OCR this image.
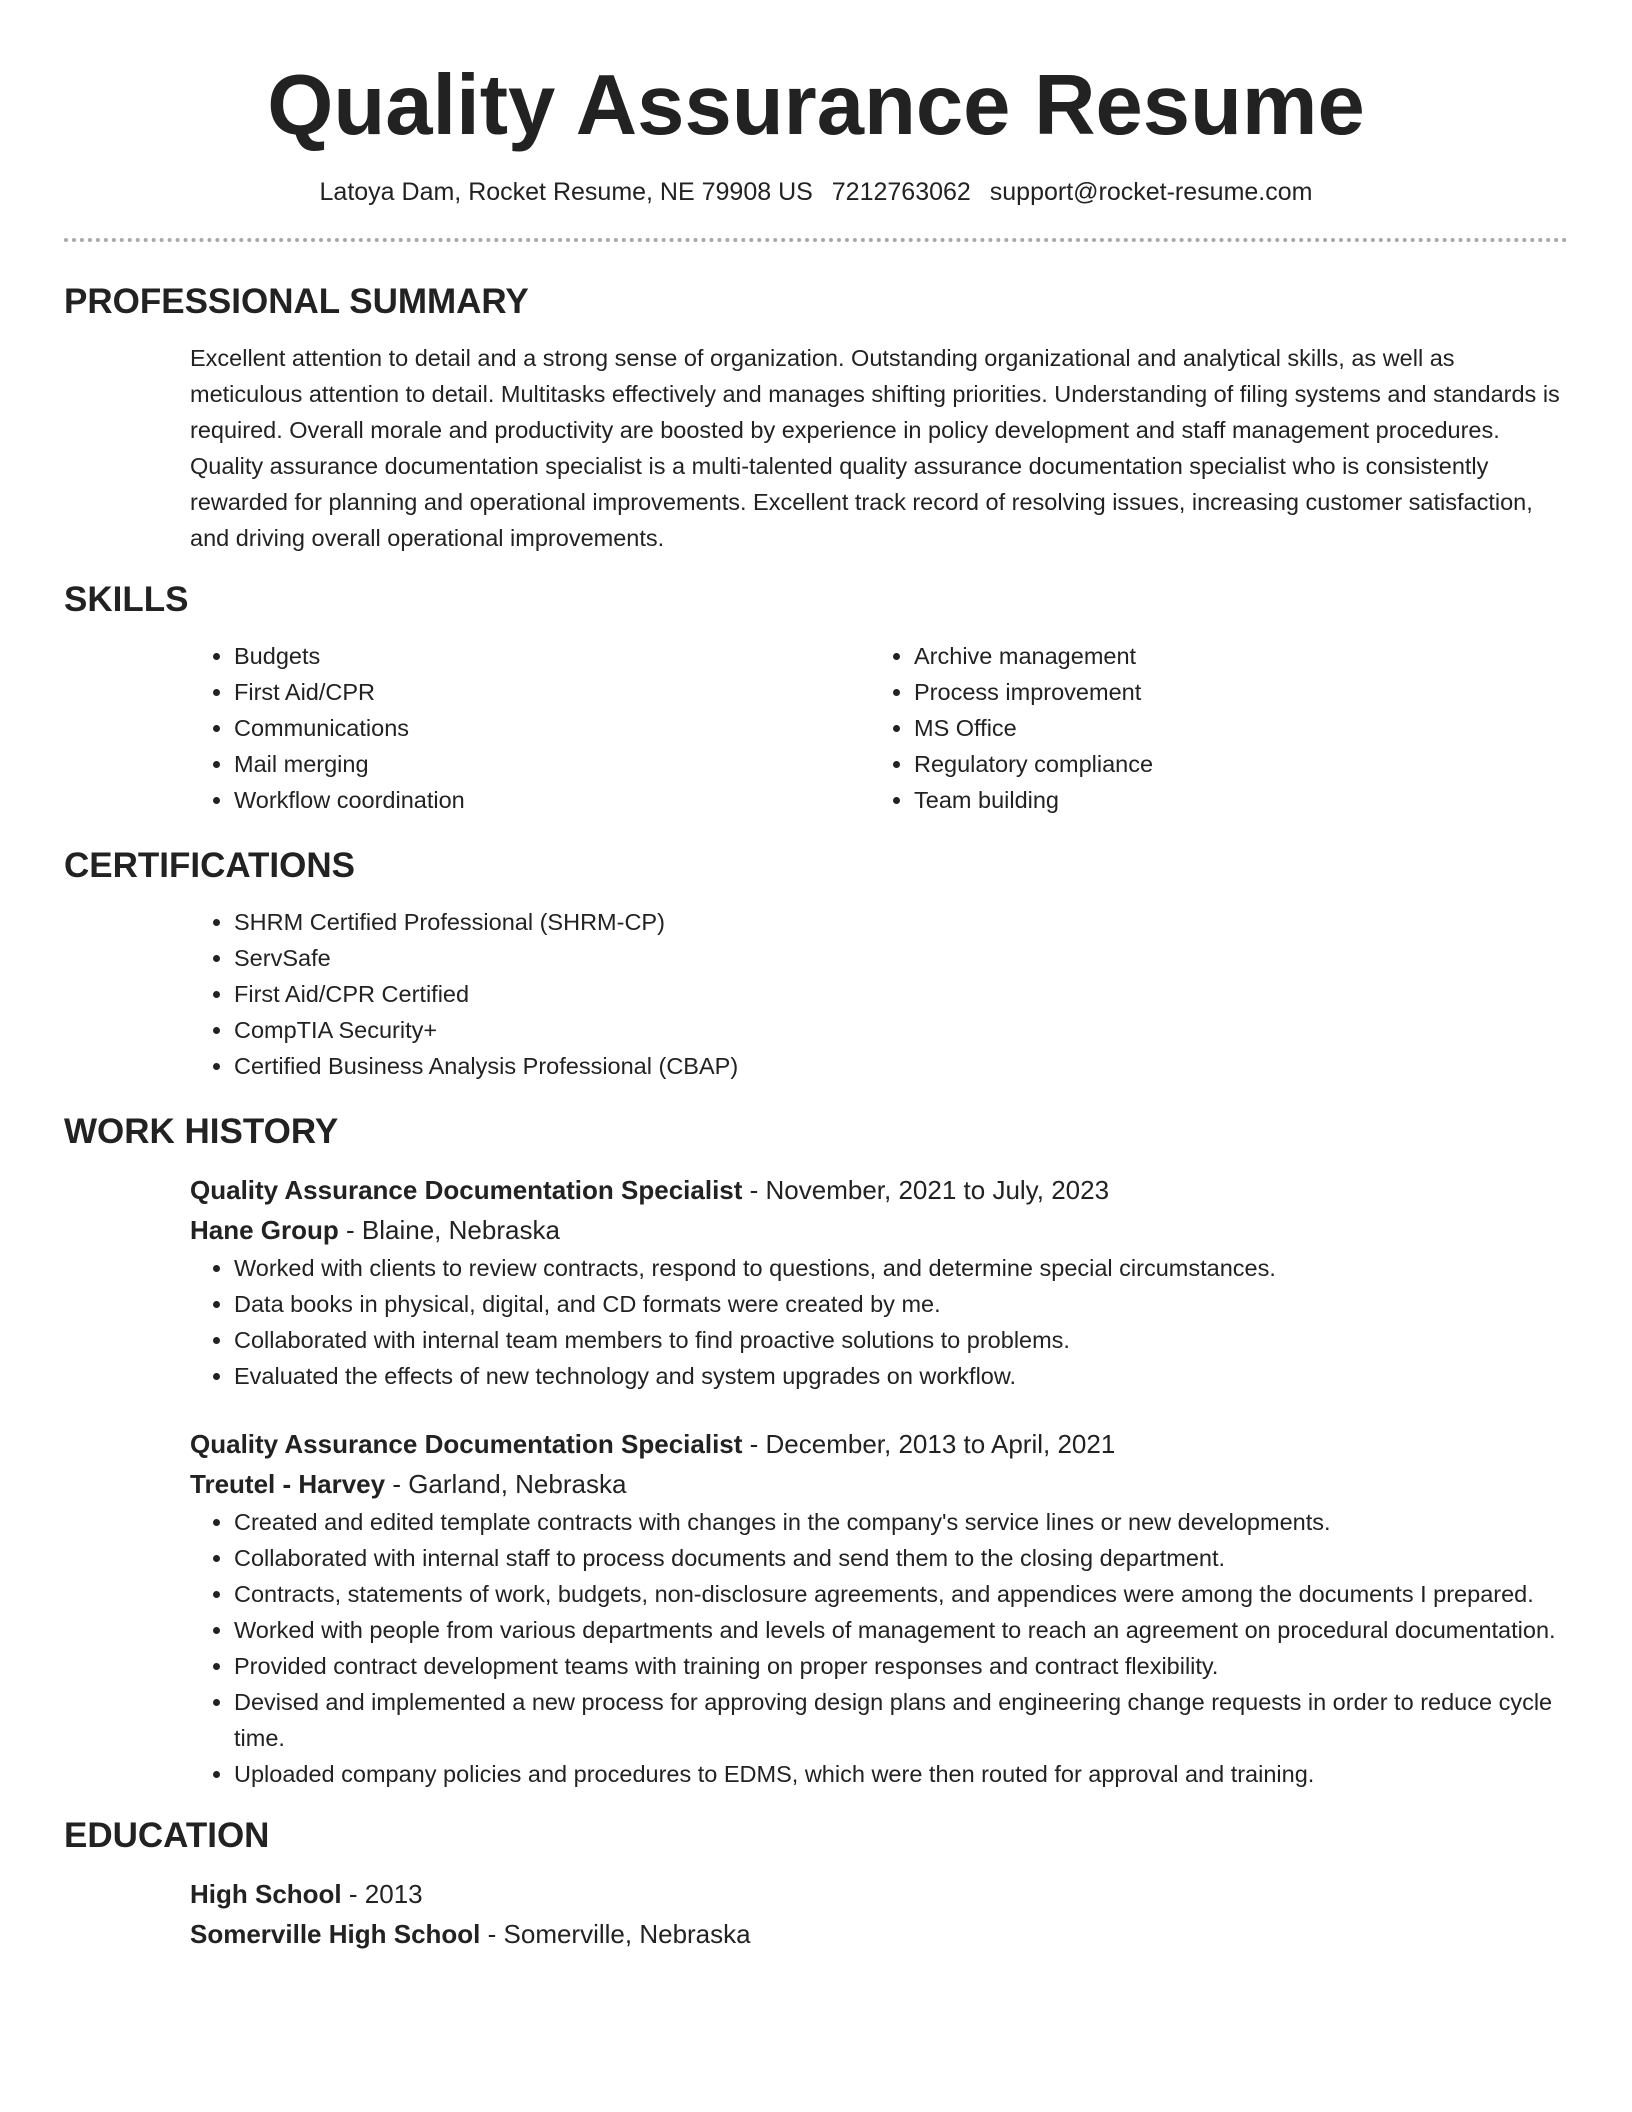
Quality Assurance Resume
Latoya Dam, Rocket Resume, NE 79908 US 7212763062 support@rocket-resume.com
PROFESSIONAL SUMMARY

Excellent attention to detail and a strong sense of organization. Outstanding organizational and analytical skills, as well as meticulous attention to detail. Multitasks effectively and manages shifting priorities. Understanding of filing systems and standards is required. Overall morale and productivity are boosted by experience in policy development and staff management procedures. Quality assurance documentation specialist is a multi-talented quality assurance documentation specialist who is consistently rewarded for planning and operational improvements. Excellent track record of resolving issues, increasing customer satisfaction, and driving overall operational improvements.

SKILLS
• Budgets
• First Aid/CPR
• Communications
• Mail merging
• Workflow coordination
• Archive management
• Process improvement
• MS Office
• Regulatory compliance
• Team building
CERTIFICATIONS
• SHRM Certified Professional (SHRM-CP)
• ServSafe
• First Aid/CPR Certified
• CompTIA Security+
• Certified Business Analysis Professional (CBAP)
WORK HISTORY
Quality Assurance Documentation Specialist - November, 2021 to July, 2023
Hane Group - Blaine, Nebraska
• Worked with clients to review contracts, respond to questions, and determine special circumstances.
• Data books in physical, digital, and CD formats were created by me.
• Collaborated with internal team members to find proactive solutions to problems.
• Evaluated the effects of new technology and system upgrades on workflow.
Quality Assurance Documentation Specialist - December, 2013 to April, 2021
Treutel - Harvey - Garland, Nebraska
• Created and edited template contracts with changes in the company's service lines or new developments.
• Collaborated with internal staff to process documents and send them to the closing department.
• Contracts, statements of work, budgets, non-disclosure agreements, and appendices were among the documents I prepared.
• Worked with people from various departments and levels of management to reach an agreement on procedural documentation.
• Provided contract development teams with training on proper responses and contract flexibility.
• Devised and implemented a new process for approving design plans and engineering change requests in order to reduce cycle time.
• Uploaded company policies and procedures to EDMS, which were then routed for approval and training.
EDUCATION
High School - 2013
Somerville High School - Somerville, Nebraska
